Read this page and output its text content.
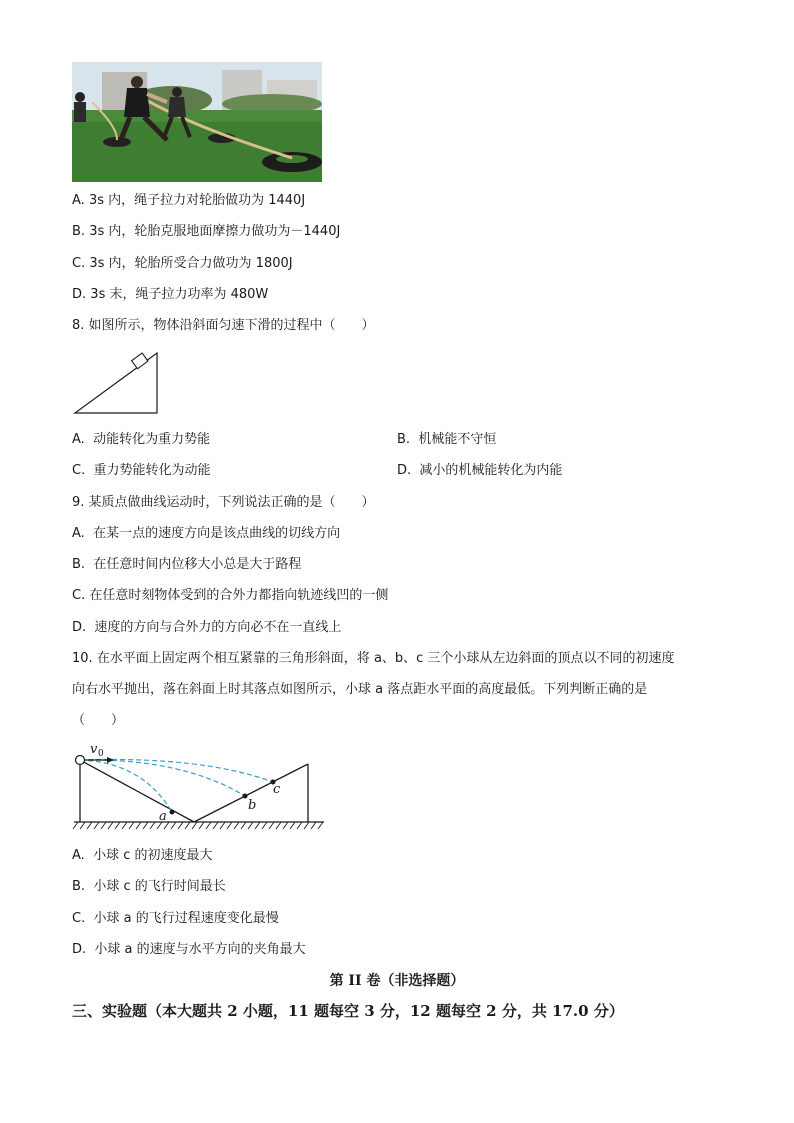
A. 3s 内，绳子拉力对轮胎做功为 1440J
B. 3s 内，轮胎克服地面摩擦力做功为－1440J
C. 3s 内，轮胎所受合力做功为 1800J
D. 3s 末，绳子拉力功率为 480W
8. 如图所示，物体沿斜面匀速下滑的过程中（　　）
A. 动能转化为重力势能	B. 机械能不守恒
C. 重力势能转化为动能	D. 减小的机械能转化为内能
9. 某质点做曲线运动时，下列说法正确的是（　　）
A. 在某一点的速度方向是该点曲线的切线方向
B. 在任意时间内位移大小总是大于路程
C. 在任意时刻物体受到的合外力都指向轨迹线凹的一侧
D. 速度的方向与合外力的方向必不在一直线上
10. 在水平面上固定两个相互紧靠的三角形斜面，将 a、b、c 三个小球从左边斜面的顶点以不同的初速度
向右水平抛出，落在斜面上时其落点如图所示，小球 a 落点距水平面的高度最低。下列判断正确的是
（　　）
v 0
a
b
c
A. 小球 c 的初速度最大
B. 小球 c 的飞行时间最长
C. 小球 a 的飞行过程速度变化最慢
D. 小球 a 的速度与水平方向的夹角最大
第 II 卷（非选择题）
三、实验题（本大题共 2 小题，11 题每空 3 分，12 题每空 2 分，共 17.0 分）
